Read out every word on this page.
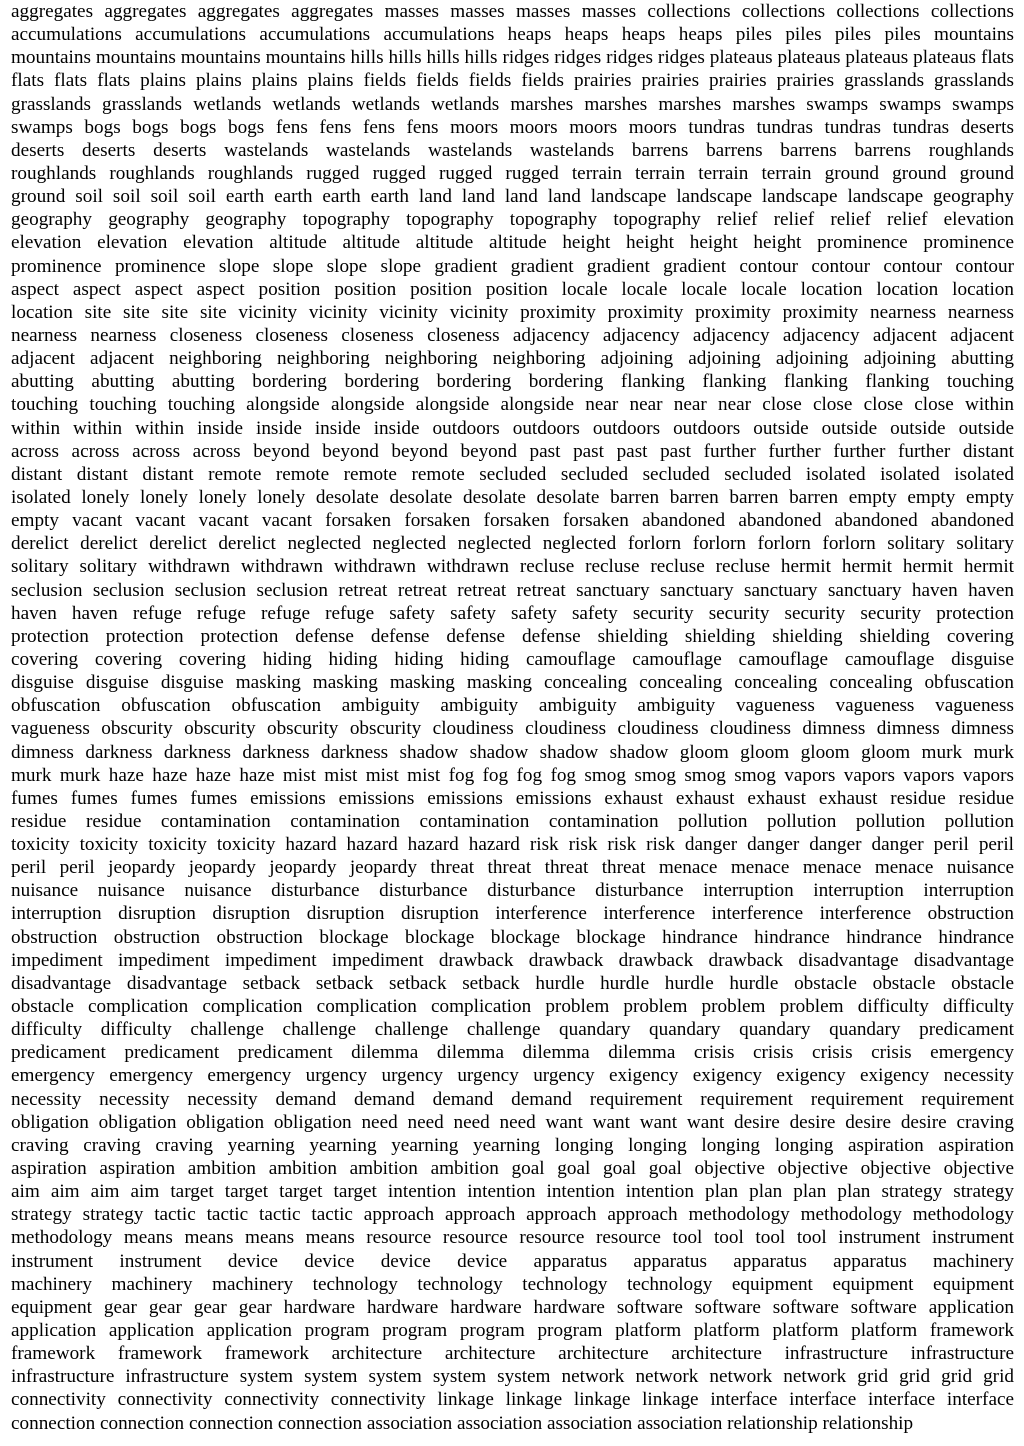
aggregates aggregates aggregates aggregates masses masses masses masses collections collections collections collections
accumulations accumulations accumulations accumulations heaps heaps heaps heaps piles piles piles piles mountains
mountains mountains mountains mountains hills hills hills hills ridges ridges ridges ridges plateaus plateaus plateaus plateaus flats
flats flats flats plains plains plains plains fields fields fields fields prairies prairies prairies prairies grasslands grasslands
grasslands grasslands wetlands wetlands wetlands wetlands marshes marshes marshes marshes swamps swamps swamps
swamps bogs bogs bogs bogs fens fens fens fens moors moors moors moors tundras tundras tundras tundras deserts
deserts deserts deserts wastelands wastelands wastelands wastelands barrens barrens barrens barrens roughlands
roughlands roughlands roughlands rugged rugged rugged rugged terrain terrain terrain terrain ground ground ground
ground soil soil soil soil earth earth earth earth land land land land landscape landscape landscape landscape geography
geography geography geography topography topography topography topography relief relief relief relief elevation
elevation elevation elevation altitude altitude altitude altitude height height height height prominence prominence
prominence prominence slope slope slope slope gradient gradient gradient gradient contour contour contour contour
aspect aspect aspect aspect position position position position locale locale locale locale location location location
location site site site site vicinity vicinity vicinity vicinity proximity proximity proximity proximity nearness nearness
nearness nearness closeness closeness closeness closeness adjacency adjacency adjacency adjacency adjacent adjacent
adjacent adjacent neighboring neighboring neighboring neighboring adjoining adjoining adjoining adjoining abutting
abutting abutting abutting bordering bordering bordering bordering flanking flanking flanking flanking touching
touching touching touching alongside alongside alongside alongside near near near near close close close close within
within within within inside inside inside inside outdoors outdoors outdoors outdoors outside outside outside outside
across across across across beyond beyond beyond beyond past past past past further further further further distant
distant distant distant remote remote remote remote secluded secluded secluded secluded isolated isolated isolated
isolated lonely lonely lonely lonely desolate desolate desolate desolate barren barren barren barren empty empty empty
empty vacant vacant vacant vacant forsaken forsaken forsaken forsaken abandoned abandoned abandoned abandoned
derelict derelict derelict derelict neglected neglected neglected neglected forlorn forlorn forlorn forlorn solitary solitary
solitary solitary withdrawn withdrawn withdrawn withdrawn recluse recluse recluse recluse hermit hermit hermit hermit
seclusion seclusion seclusion seclusion retreat retreat retreat retreat sanctuary sanctuary sanctuary sanctuary haven haven
haven haven refuge refuge refuge refuge safety safety safety safety security security security security protection
protection protection protection defense defense defense defense shielding shielding shielding shielding covering
covering covering covering hiding hiding hiding hiding camouflage camouflage camouflage camouflage disguise
disguise disguise disguise masking masking masking masking concealing concealing concealing concealing obfuscation
obfuscation obfuscation obfuscation ambiguity ambiguity ambiguity ambiguity vagueness vagueness vagueness
vagueness obscurity obscurity obscurity obscurity cloudiness cloudiness cloudiness cloudiness dimness dimness dimness
dimness darkness darkness darkness darkness shadow shadow shadow shadow gloom gloom gloom gloom murk murk
murk murk haze haze haze haze mist mist mist mist fog fog fog fog smog smog smog smog vapors vapors vapors vapors
fumes fumes fumes fumes emissions emissions emissions emissions exhaust exhaust exhaust exhaust residue residue
residue residue contamination contamination contamination contamination pollution pollution pollution pollution
toxicity toxicity toxicity toxicity hazard hazard hazard hazard risk risk risk risk danger danger danger danger peril peril
peril peril jeopardy jeopardy jeopardy jeopardy threat threat threat threat menace menace menace menace nuisance
nuisance nuisance nuisance disturbance disturbance disturbance disturbance interruption interruption interruption
interruption disruption disruption disruption disruption interference interference interference interference obstruction
obstruction obstruction obstruction blockage blockage blockage blockage hindrance hindrance hindrance hindrance
impediment impediment impediment impediment drawback drawback drawback drawback disadvantage disadvantage
disadvantage disadvantage setback setback setback setback hurdle hurdle hurdle hurdle obstacle obstacle obstacle
obstacle complication complication complication complication problem problem problem problem difficulty difficulty
difficulty difficulty challenge challenge challenge challenge quandary quandary quandary quandary predicament
predicament predicament predicament dilemma dilemma dilemma dilemma crisis crisis crisis crisis emergency
emergency emergency emergency urgency urgency urgency urgency exigency exigency exigency exigency necessity
necessity necessity necessity demand demand demand demand requirement requirement requirement requirement
obligation obligation obligation obligation need need need need want want want want desire desire desire desire craving
craving craving craving yearning yearning yearning yearning longing longing longing longing aspiration aspiration
aspiration aspiration ambition ambition ambition ambition goal goal goal goal objective objective objective objective
aim aim aim aim target target target target intention intention intention intention plan plan plan plan strategy strategy
strategy strategy tactic tactic tactic tactic approach approach approach approach methodology methodology methodology
methodology means means means means resource resource resource resource tool tool tool tool instrument instrument
instrument instrument device device device device apparatus apparatus apparatus apparatus machinery
machinery machinery machinery technology technology technology technology equipment equipment equipment
equipment gear gear gear gear hardware hardware hardware hardware software software software software application
application application application program program program program platform platform platform platform framework
framework framework framework architecture architecture architecture architecture infrastructure infrastructure
infrastructure infrastructure system system system system system network network network network grid grid grid grid
connectivity connectivity connectivity connectivity linkage linkage linkage linkage interface interface interface interface
connection connection connection connection association association association association relationship relationship
